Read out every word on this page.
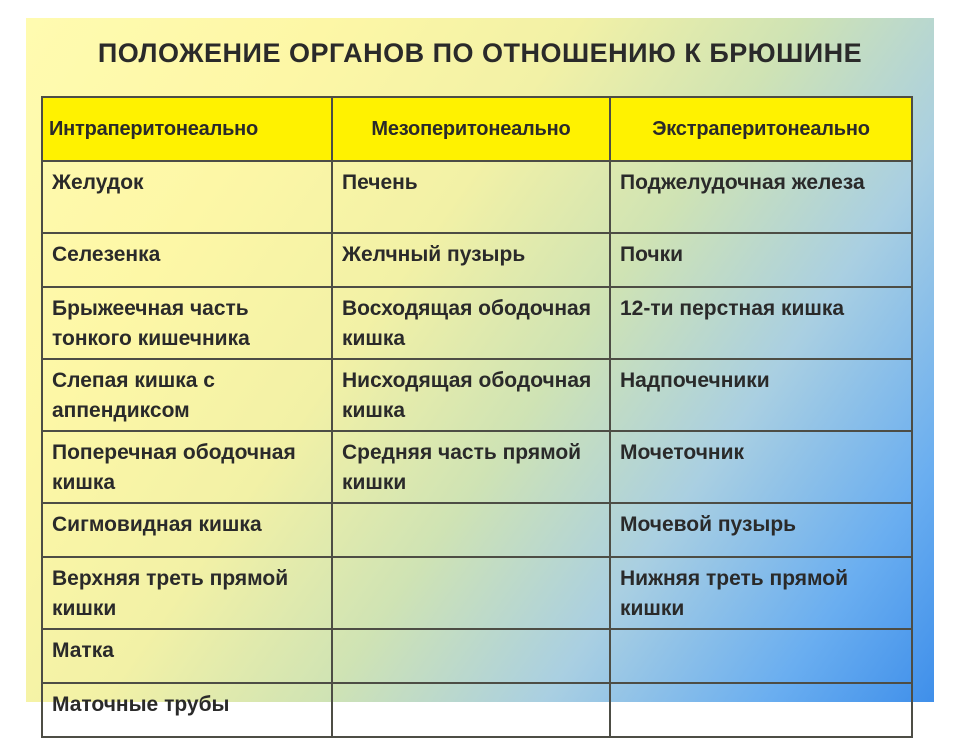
ПОЛОЖЕНИЕ ОРГАНОВ ПО ОТНОШЕНИЮ К БРЮШИНЕ
Интраперитонеально	Мезоперитонеально	Экстраперитонеально
Желудок	Печень	Поджелудочная железа
Селезенка	Желчный пузырь	Почки
Брыжеечная часть тонкого кишечника	Восходящая ободочная кишка	12-ти перстная кишка
Слепая кишка с аппендиксом	Нисходящая ободочная кишка	Надпочечники
Поперечная ободочная кишка	Средняя часть прямой кишки	Мочеточник
Сигмовидная кишка		Мочевой пузырь
Верхняя треть прямой кишки		Нижняя треть прямой кишки
Матка		
Маточные трубы		
